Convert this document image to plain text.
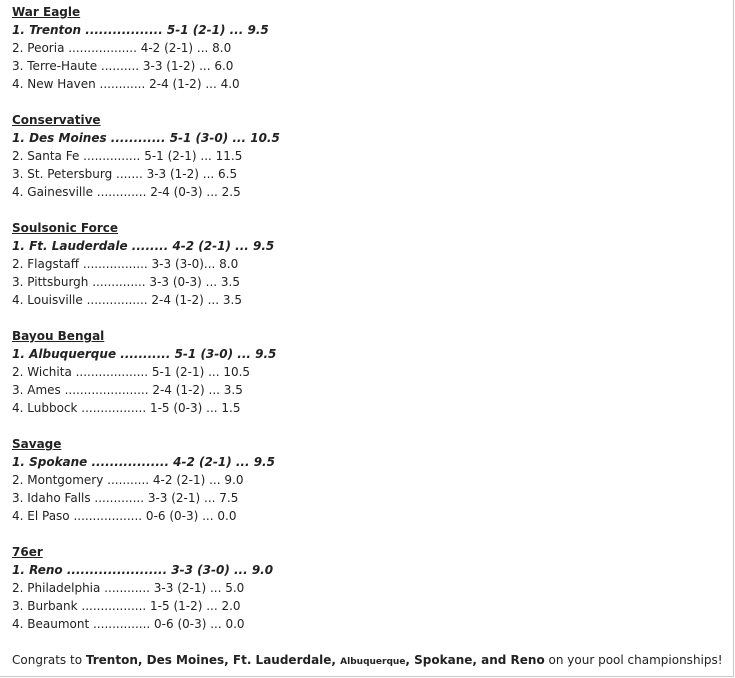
War Eagle
1. Trenton ................. 5-1 (2-1) ... 9.5
2. Peoria .................. 4-2 (2-1) ... 8.0
3. Terre-Haute .......... 3-3 (1-2) ... 6.0
4. New Haven ............ 2-4 (1-2) ... 4.0
Conservative
1. Des Moines ............ 5-1 (3-0) ... 10.5
2. Santa Fe ............... 5-1 (2-1) ... 11.5
3. St. Petersburg ....... 3-3 (1-2) ... 6.5
4. Gainesville ............. 2-4 (0-3) ... 2.5
Soulsonic Force
1. Ft. Lauderdale ........ 4-2 (2-1) ... 9.5
2. Flagstaff ................. 3-3 (3-0)... 8.0
3. Pittsburgh .............. 3-3 (0-3) ... 3.5
4. Louisville ................ 2-4 (1-2) ... 3.5
Bayou Bengal
1. Albuquerque ........... 5-1 (3-0) ... 9.5
2. Wichita ................... 5-1 (2-1) ... 10.5
3. Ames ...................... 2-4 (1-2) ... 3.5
4. Lubbock ................. 1-5 (0-3) ... 1.5
Savage
1. Spokane ................. 4-2 (2-1) ... 9.5
2. Montgomery ........... 4-2 (2-1) ... 9.0
3. Idaho Falls ............. 3-3 (2-1) ... 7.5
4. El Paso .................. 0-6 (0-3) ... 0.0
76er
1. Reno ...................... 3-3 (3-0) ... 9.0
2. Philadelphia ............ 3-3 (2-1) ... 5.0
3. Burbank ................. 1-5 (1-2) ... 2.0
4. Beaumont ............... 0-6 (0-3) ... 0.0
Congrats to Trenton, Des Moines, Ft. Lauderdale, Albuquerque, Spokane, and Reno on your pool championships!
